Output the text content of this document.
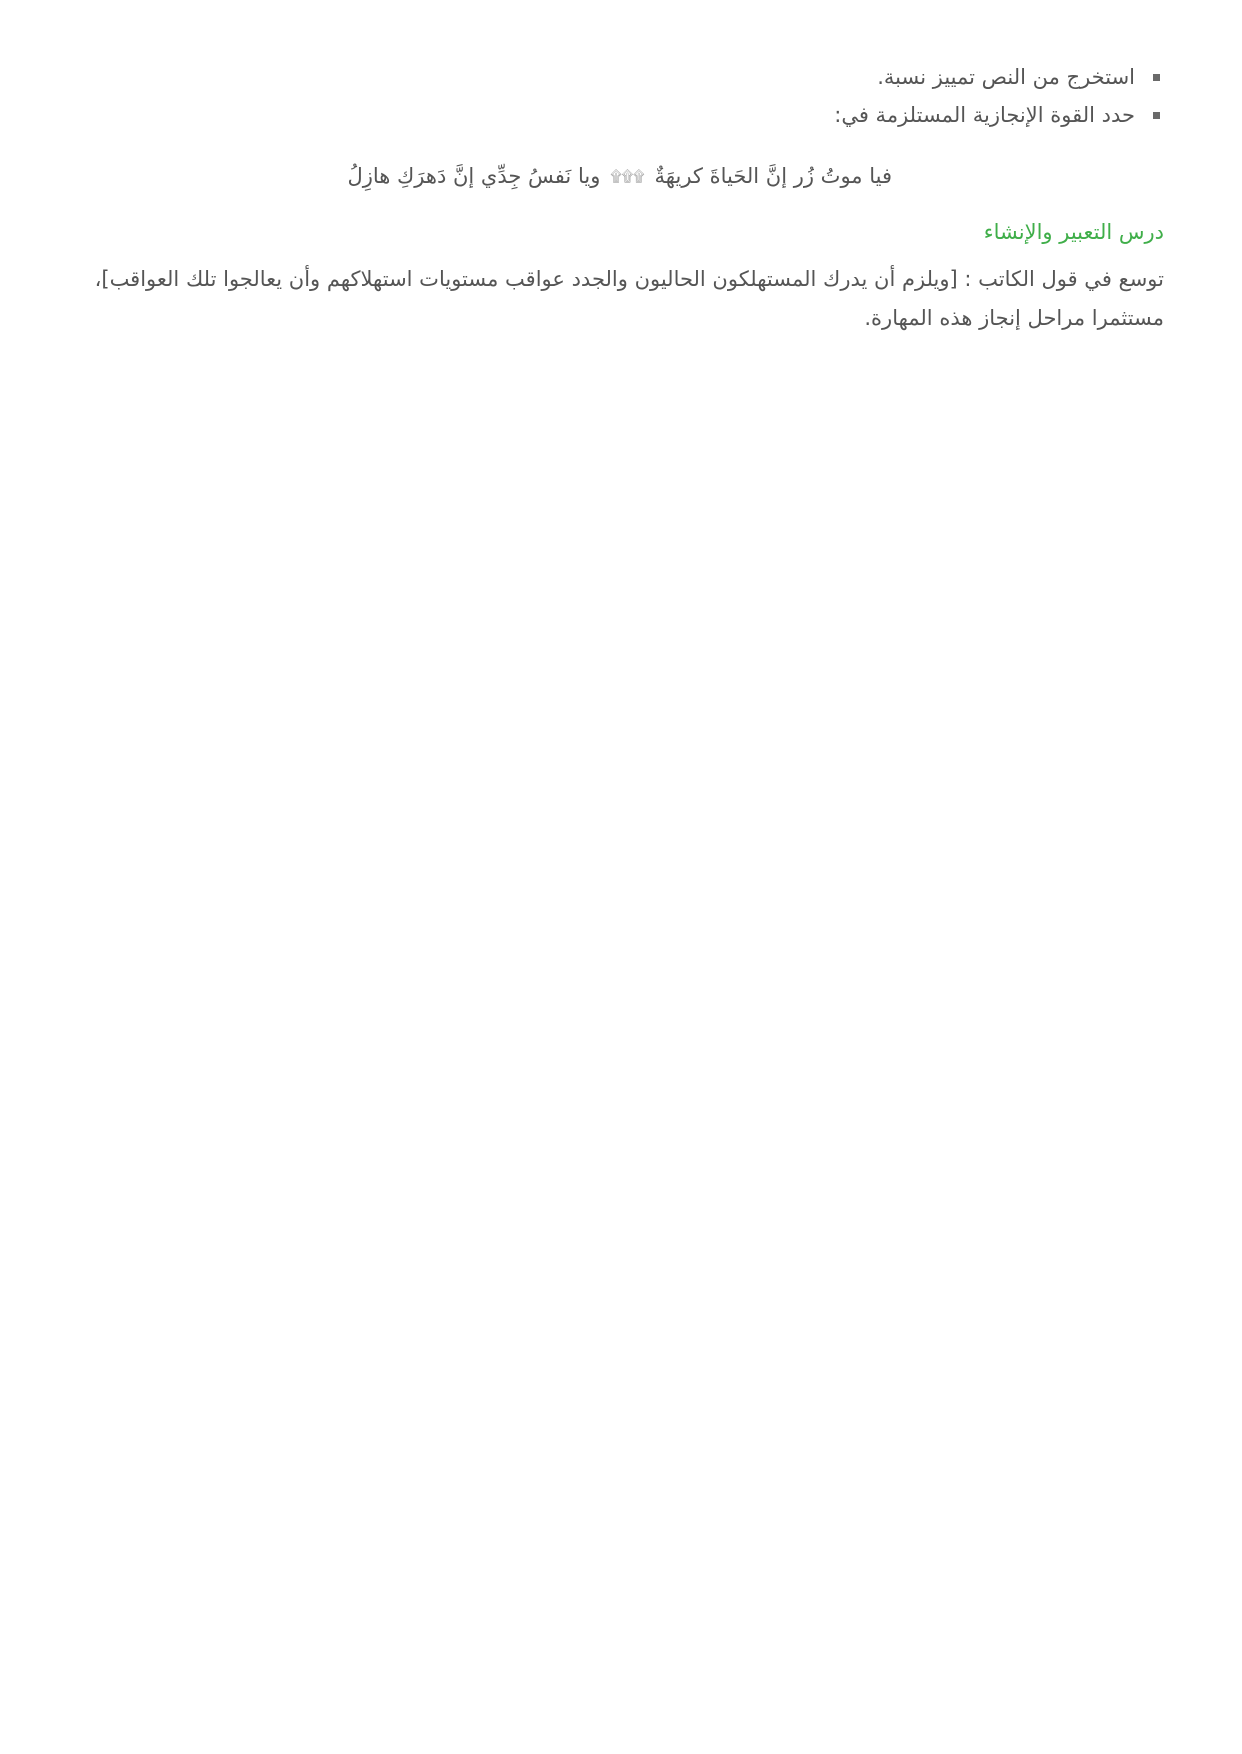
استخرج من النص تمييز نسبة.
حدد القوة الإنجازية المستلزمة في:
فيا موتُ زُر إنَّ الحَياةَ كريهَةٌ
۩۩۩
ويا نَفسُ جِدِّي إنَّ دَهرَكِ هازِلُ
درس التعبير والإنشاء

توسع في قول الكاتب : [ويلزم أن يدرك المستهلكون الحاليون والجدد عواقب مستويات استهلاكهم وأن يعالجوا تلك العواقب]، مستثمرا مراحل إنجاز هذه المهارة.
